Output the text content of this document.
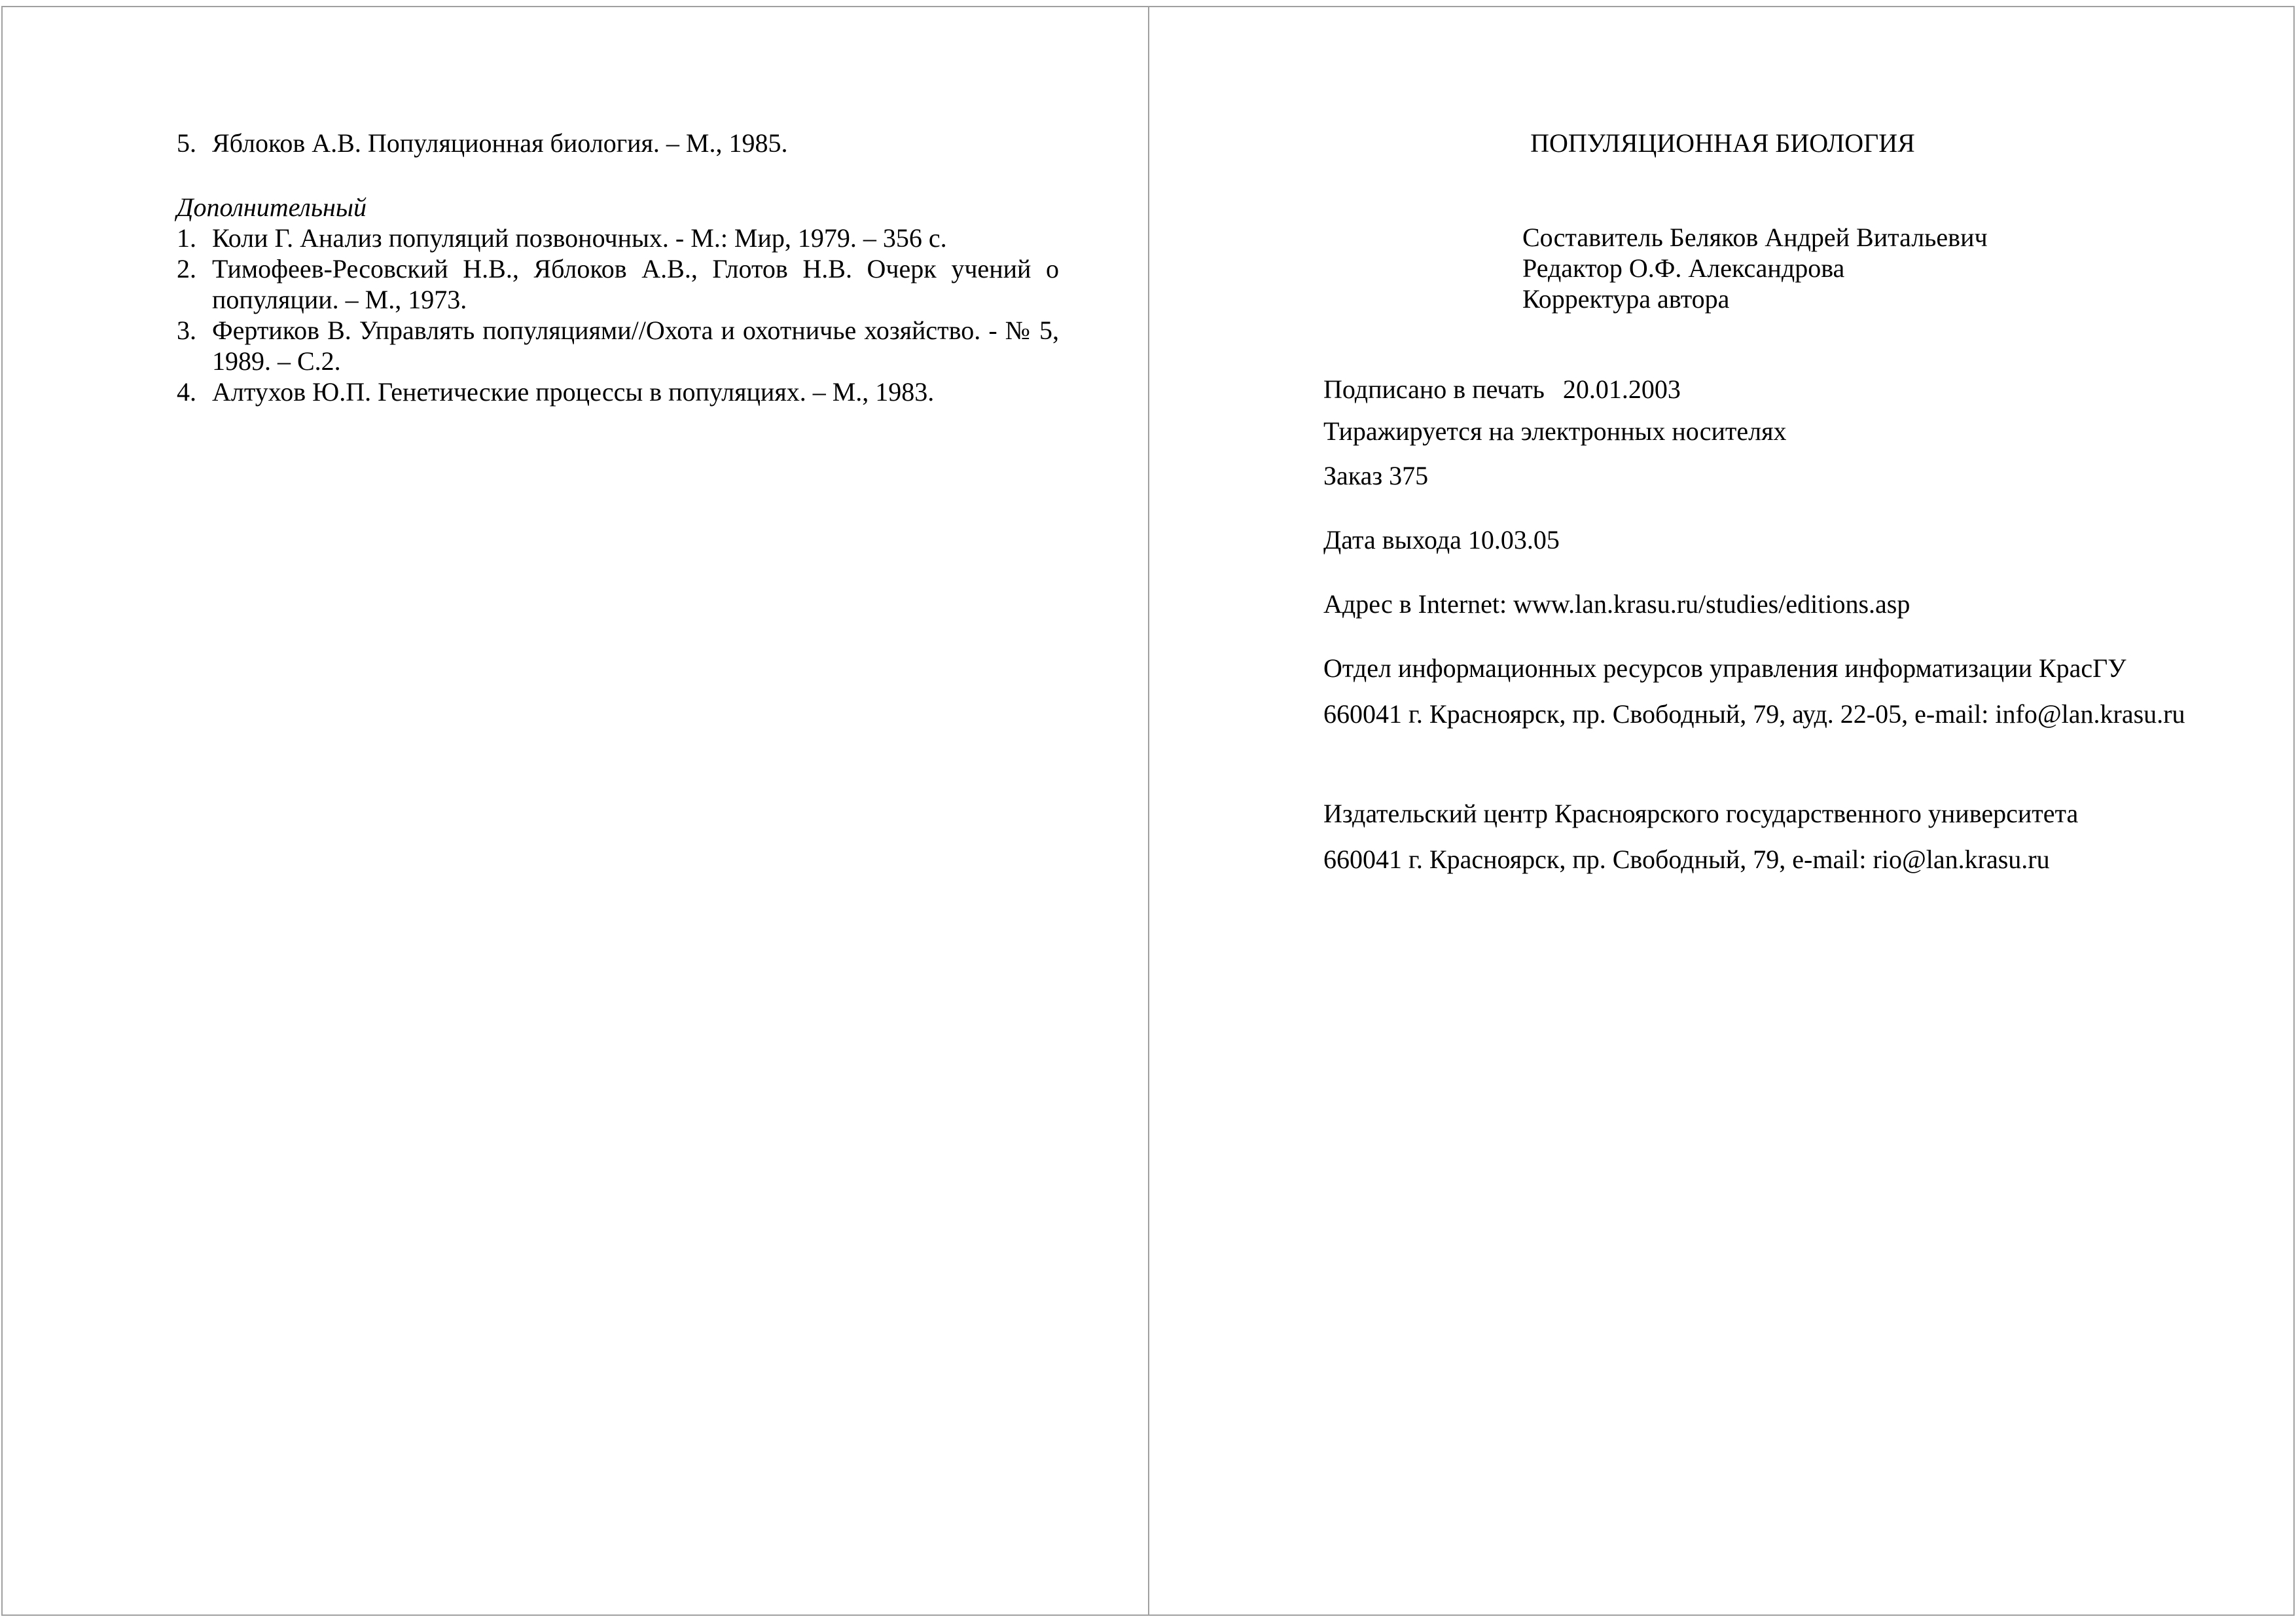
5. Яблоков А.В. Популяционная биология. – М., 1985.
Дополнительный
1. Коли Г. Анализ популяций позвоночных. - М.: Мир, 1979. – 356 с.
2. Тимофеев-Ресовский Н.В., Яблоков А.В., Глотов Н.В. Очерк учений о популяции. – М., 1973.
3. Фертиков В. Управлять популяциями//Охота и охотничье хозяйство. - № 5, 1989. – С.2.
4. Алтухов Ю.П. Генетические процессы в популяциях. – М., 1983.
ПОПУЛЯЦИОННАЯ БИОЛОГИЯ
Составитель Беляков Андрей Витальевич
Редактор О.Ф. Александрова
Корректура автора
Подписано в печать 20.01.2003
Тиражируется на электронных носителях
Заказ 375
Дата выхода 10.03.05
Адрес в Internet: www.lan.krasu.ru/studies/editions.asp
Отдел информационных ресурсов управления информатизации КрасГУ
660041 г. Красноярск, пр. Свободный, 79, ауд. 22-05, e-mail: info@lan.krasu.ru
Издательский центр Красноярского государственного университета
660041 г. Красноярск, пр. Свободный, 79, e-mail: rio@lan.krasu.ru
